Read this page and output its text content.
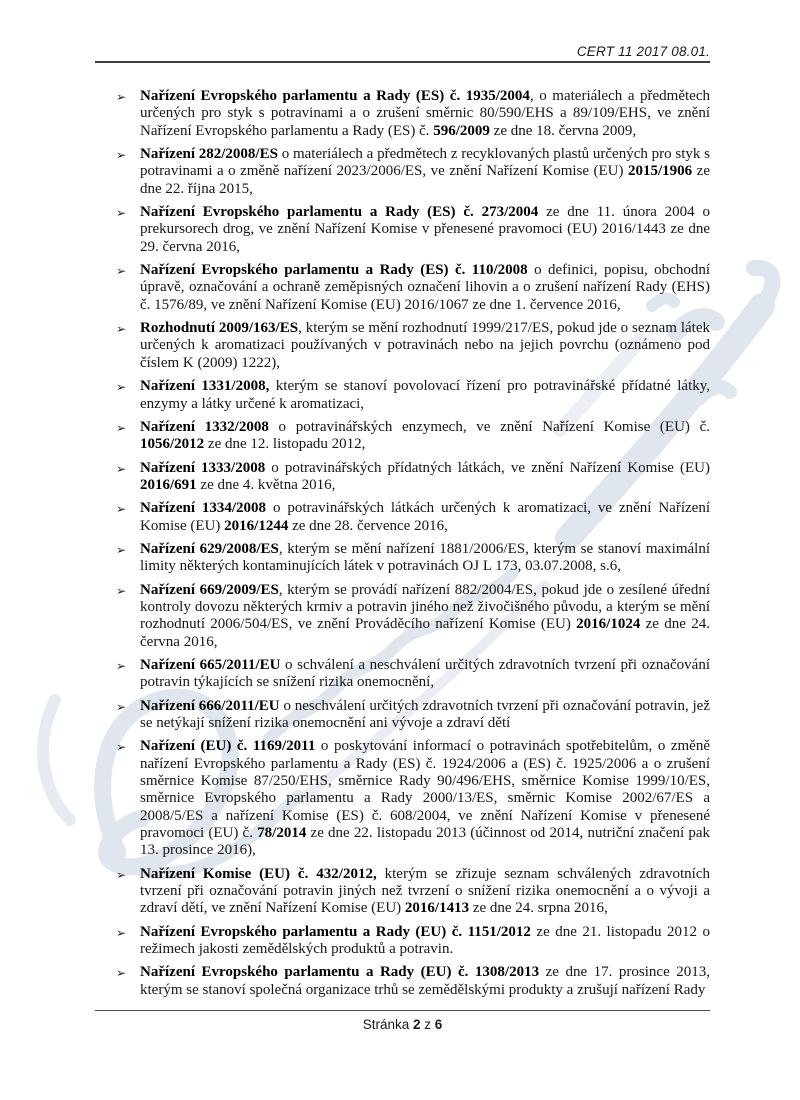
CERT 11 2017 08.01.
➢ Nařízení Evropského parlamentu a Rady (ES) č. 1935/2004, o materiálech a předmětech určených pro styk s potravinami a o zrušení směrnic 80/590/EHS a 89/109/EHS, ve znění Nařízení Evropského parlamentu a Rady (ES) č. 596/2009 ze dne 18. června 2009,
➢ Nařízení 282/2008/ES o materiálech a předmětech z recyklovaných plastů určených pro styk s potravinami a o změně nařízení 2023/2006/ES, ve znění Nařízení Komise (EU) 2015/1906 ze dne 22. října 2015,
➢ Nařízení Evropského parlamentu a Rady (ES) č. 273/2004 ze dne 11. února 2004 o prekursorech drog, ve znění Nařízení Komise v přenesené pravomoci (EU) 2016/1443 ze dne 29. června 2016,
➢ Nařízení Evropského parlamentu a Rady (ES) č. 110/2008 o definici, popisu, obchodní úpravě, označování a ochraně zeměpisných označení lihovin a o zrušení nařízení Rady (EHS) č. 1576/89, ve znění Nařízení Komise (EU) 2016/1067 ze dne 1. července 2016,
➢ Rozhodnutí 2009/163/ES, kterým se mění rozhodnutí 1999/217/ES, pokud jde o seznam látek určených k aromatizaci používaných v potravinách nebo na jejich povrchu (oznámeno pod číslem K (2009) 1222),
➢ Nařízení 1331/2008, kterým se stanoví povolovací řízení pro potravinářské přídatné látky, enzymy a látky určené k aromatizaci,
➢ Nařízení 1332/2008 o potravinářských enzymech, ve znění Nařízení Komise (EU) č. 1056/2012 ze dne 12. listopadu 2012,
➢ Nařízení 1333/2008 o potravinářských přídatných látkách, ve znění Nařízení Komise (EU) 2016/691 ze dne 4. května 2016,
➢ Nařízení 1334/2008 o potravinářských látkách určených k aromatizaci, ve znění Nařízení Komise (EU) 2016/1244 ze dne 28. července 2016,
➢ Nařízení 629/2008/ES, kterým se mění nařízení 1881/2006/ES, kterým se stanoví maximální limity některých kontaminujících látek v potravinách OJ L 173, 03.07.2008, s.6,
➢ Nařízení 669/2009/ES, kterým se provádí nařízení 882/2004/ES, pokud jde o zesílené úřední kontroly dovozu některých krmiv a potravin jiného než živočišného původu, a kterým se mění rozhodnutí 2006/504/ES, ve znění Prováděcího nařízení Komise (EU) 2016/1024 ze dne 24. června 2016,
➢ Nařízení 665/2011/EU o schválení a neschválení určitých zdravotních tvrzení při označování potravin týkajících se snížení rizika onemocnění,
➢ Nařízení 666/2011/EU o neschválení určitých zdravotních tvrzení při označování potravin, jež se netýkají snížení rizika onemocnění ani vývoje a zdraví dětí
➢ Nařízení (EU) č. 1169/2011 o poskytování informací o potravinách spotřebitelům, o změně nařízení Evropského parlamentu a Rady (ES) č. 1924/2006 a (ES) č. 1925/2006 a o zrušení směrnice Komise 87/250/EHS, směrnice Rady 90/496/EHS, směrnice Komise 1999/10/ES, směrnice Evropského parlamentu a Rady 2000/13/ES, směrnic Komise 2002/67/ES a 2008/5/ES a nařízení Komise (ES) č. 608/2004, ve znění Nařízení Komise v přenesené pravomoci (EU) č. 78/2014 ze dne 22. listopadu 2013 (účinnost od 2014, nutriční značení pak 13. prosince 2016),
➢ Nařízení Komise (EU) č. 432/2012, kterým se zřizuje seznam schválených zdravotních tvrzení při označování potravin jiných než tvrzení o snížení rizika onemocnění a o vývoji a zdraví dětí, ve znění Nařízení Komise (EU) 2016/1413 ze dne 24. srpna 2016,
➢ Nařízení Evropského parlamentu a Rady (EU) č. 1151/2012 ze dne 21. listopadu 2012 o režimech jakosti zemědělských produktů a potravin.
➢ Nařízení Evropského parlamentu a Rady (EU) č. 1308/2013 ze dne 17. prosince 2013, kterým se stanoví společná organizace trhů se zemědělskými produkty a zrušují nařízení Rady
Stránka 2 z 6
